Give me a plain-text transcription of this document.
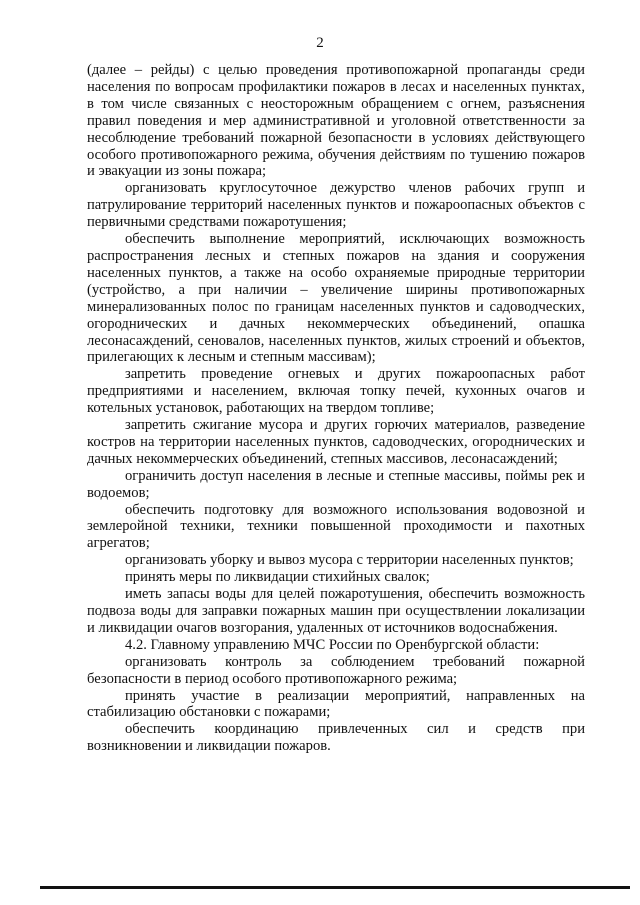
2

(далее – рейды) с целью проведения противопожарной пропаганды среди населения по вопросам профилактики пожаров в лесах и населенных пунктах, в том числе связанных с неосторожным обращением с огнем, разъяснения правил поведения и мер административной и уголовной ответственности за несоблюдение требований пожарной безопасности в условиях действующего особого противопожарного режима, обучения действиям по тушению пожаров и эвакуации из зоны пожара;

организовать круглосуточное дежурство членов рабочих групп и патрулирование территорий населенных пунктов и пожароопасных объектов с первичными средствами пожаротушения;

обеспечить выполнение мероприятий, исключающих возможность распространения лесных и степных пожаров на здания и сооружения населенных пунктов, а также на особо охраняемые природные территории (устройство, а при наличии – увеличение ширины противопожарных минерализованных полос по границам населенных пунктов и садоводческих, огороднических и дачных некоммерческих объединений, опашка лесонасаждений, сеновалов, населенных пунктов, жилых строений и объектов, прилегающих к лесным и степным массивам);

запретить проведение огневых и других пожароопасных работ предприятиями и населением, включая топку печей, кухонных очагов и котельных установок, работающих на твердом топливе;

запретить сжигание мусора и других горючих материалов, разведение костров на территории населенных пунктов, садоводческих, огороднических и дачных некоммерческих объединений, степных массивов, лесонасаждений;

ограничить доступ населения в лесные и степные массивы, поймы рек и водоемов;

обеспечить подготовку для возможного использования водовозной и землеройной техники, техники повышенной проходимости и пахотных агрегатов;

организовать уборку и вывоз мусора с территории населенных пунктов;

принять меры по ликвидации стихийных свалок;

иметь запасы воды для целей пожаротушения, обеспечить возможность подвоза воды для заправки пожарных машин при осуществлении локализации и ликвидации очагов возгорания, удаленных от источников водоснабжения.

4.2. Главному управлению МЧС России по Оренбургской области:

организовать контроль за соблюдением требований пожарной безопасности в период особого противопожарного режима;

принять участие в реализации мероприятий, направленных на стабилизацию обстановки с пожарами;

обеспечить координацию привлеченных сил и средств при возникновении и ликвидации пожаров.
